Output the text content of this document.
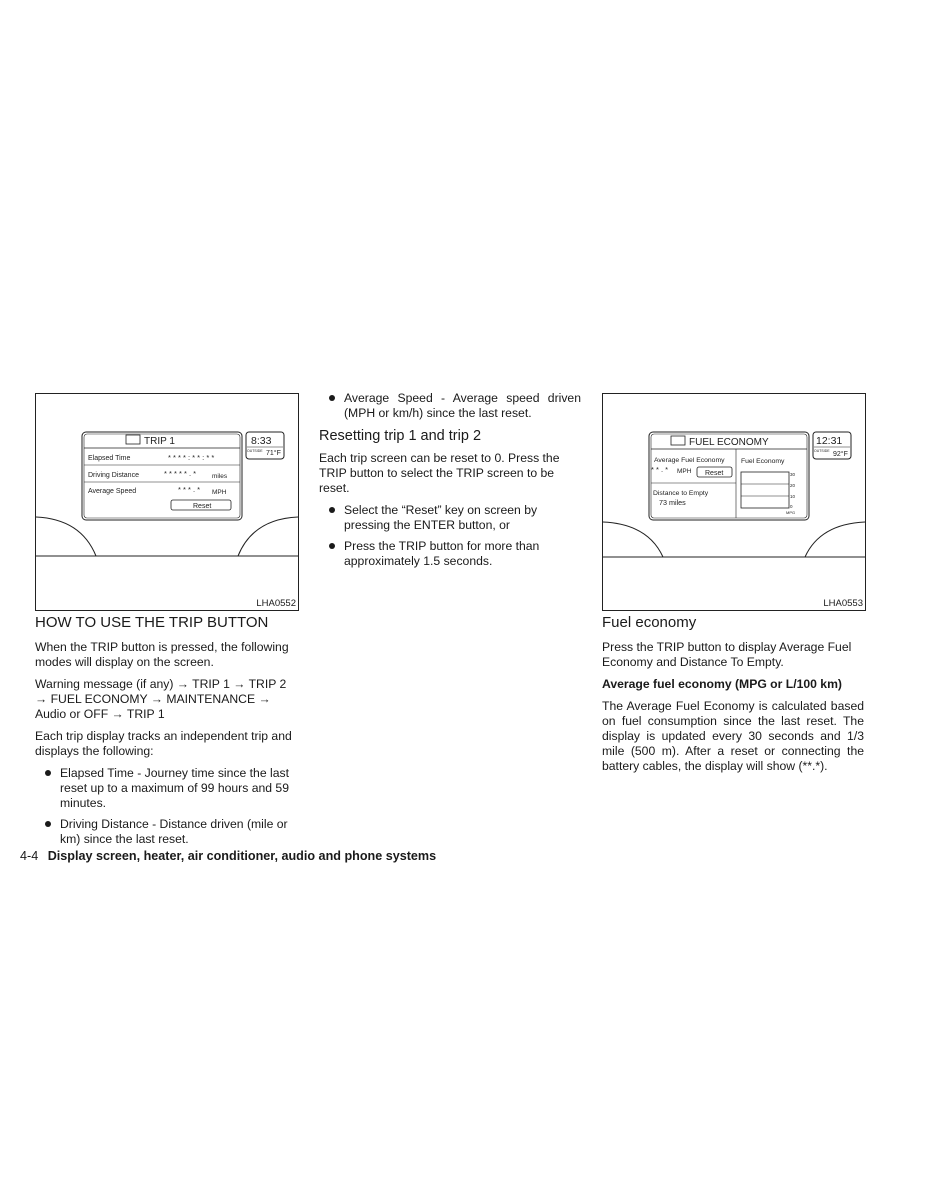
TRIP 1
Elapsed Time	* * * * : * * : * *
Driving Distance	* * * * * . * miles
Average Speed	* * * . * MPH
Reset
8:33
OUTSIDE 71°F
LHA0552
HOW TO USE THE TRIP BUTTON

When the TRIP button is pressed, the following modes will display on the screen.

Warning message (if any) → TRIP 1 → TRIP 2 → FUEL ECONOMY → MAINTENANCE → Audio or OFF → TRIP 1

Each trip display tracks an independent trip and displays the following:

Elapsed Time - Journey time since the last reset up to a maximum of 99 hours and 59 minutes.
Driving Distance - Distance driven (mile or km) since the last reset.
Average Speed - Average speed driven (MPH or km/h) since the last reset.
Resetting trip 1 and trip 2

Each trip screen can be reset to 0. Press the TRIP button to select the TRIP screen to be reset.

Select the “Reset” key on screen by pressing the ENTER button, or
Press the TRIP button for more than approximately 1.5 seconds.
FUEL ECONOMY
Average Fuel Economy
* * . * MPH Reset
Distance to Empty
73 miles
Fuel Economy
30
20
10
0
MPG
12:31
OUTSIDE 92°F
LHA0553
Fuel economy

Press the TRIP button to display Average Fuel Economy and Distance To Empty.

Average fuel economy (MPG or L/100 km)

The Average Fuel Economy is calculated based on fuel consumption since the last reset. The display is updated every 30 seconds and 1/3 mile (500 m). After a reset or connecting the battery cables, the display will show (**.*).

4-4 Display screen, heater, air conditioner, audio and phone systems
